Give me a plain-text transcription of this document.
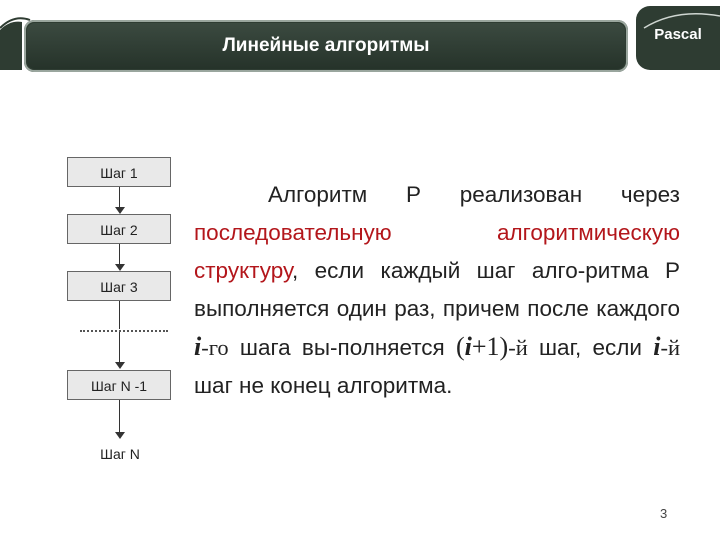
Линейные алгоритмы
Pascal
Шаг 1
Шаг 2
Шаг 3
Шаг N -1
Шаг N
Алгоритм Р реализован через последовательную алгоритмическую структуру, если каждый шаг алго-ритма Р выполняется один раз, причем после каждого i-го шага вы-полняется (i+1)-й шаг, если i-й шаг не конец алгоритма.
3
